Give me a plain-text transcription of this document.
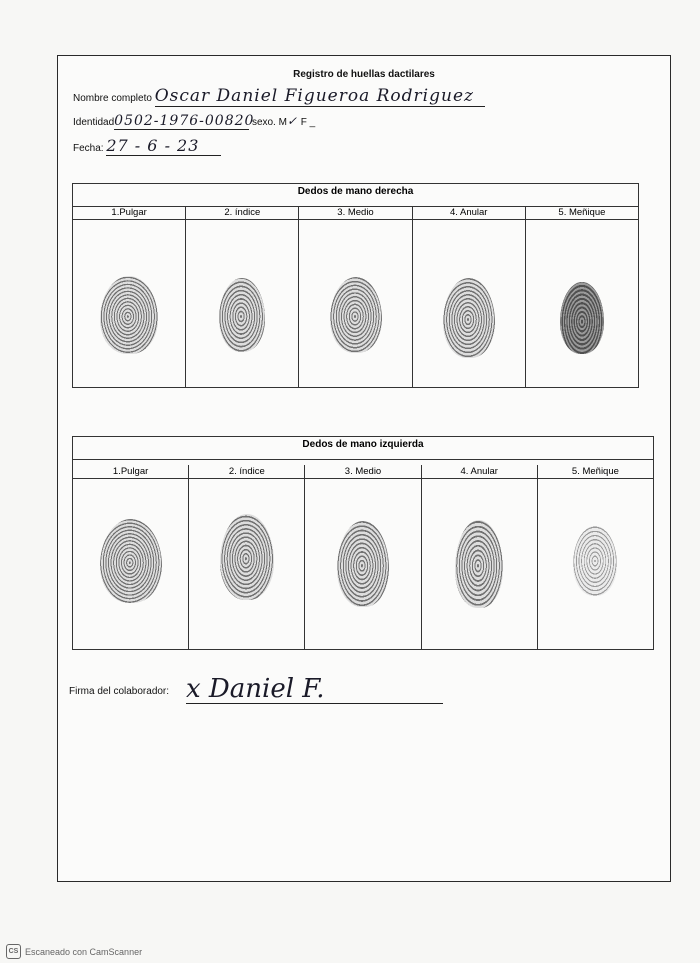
Registro de huellas dactilares
Nombre completo Oscar Daniel Figueroa Rodriguez
Identidad0502-1976-00820 sexo. M✓ F _
Fecha: 27 - 6 - 23
Dedos de mano derecha
1.Pulgar	2. índice	3. Medio	4. Anular	5. Meñique
Dedos de mano izquierda
1.Pulgar	2. índice	3. Medio	4. Anular	5. Meñique
Firma del colaborador: x Daniel F.
CS Escaneado con CamScanner
